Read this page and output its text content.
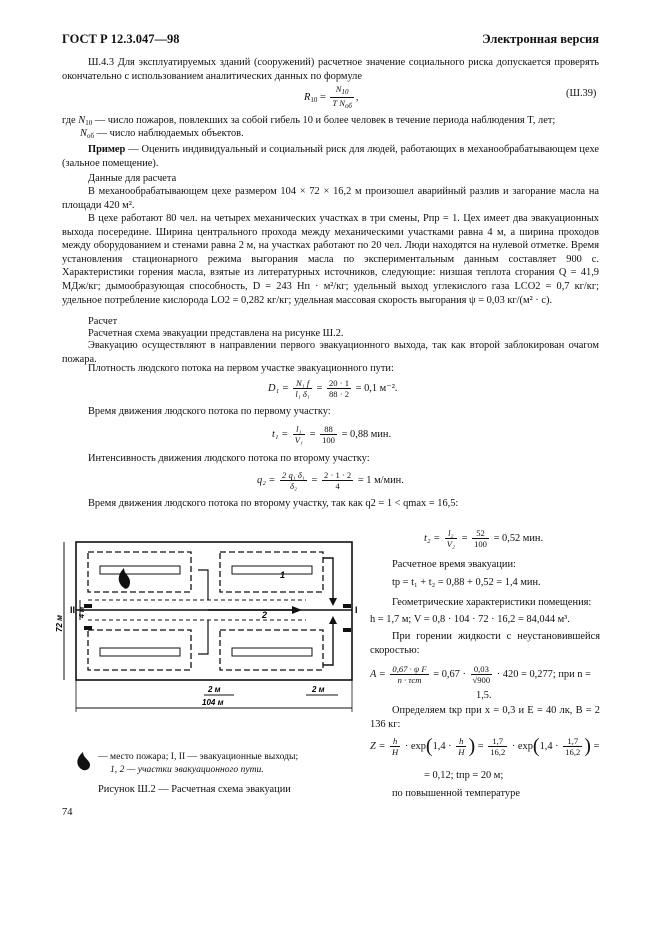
ГОСТ Р 12.3.047—98	Электронная версия
Ш.4.3 Для эксплуатируемых зданий (сооружений) расчетное значение социального риска допускается проверять окончательно с использованием аналитических данных по формуле
$R_{10} = \frac{N_{10}}{T N_{об}}$ ,	(Ш.39)
где $N_{10}$ — число пожаров, повлекших за собой гибель 10 и более человек в течение периода наблюдения T, лет;
$N_{об}$ — число наблюдаемых объектов.
Пример — Оценить индивидуальный и социальный риск для людей, работающих в механообрабатывающем цехе (зальное помещение).
Данные для расчета
В механообрабатывающем цехе размером 104 × 72 × 16,2 м произошел аварийный разлив и загорание масла на площади 420 м².
В цехе работают 80 чел. на четырех механических участках в три смены, Pпр = 1. Цех имеет два эвакуационных выхода посередине. Ширина центрального прохода между механическими участками равна 4 м, а ширина проходов между оборудованием и стенами равна 2 м, на участках работают по 20 чел. Люди находятся на нулевой отметке. Время установления стационарного режима выгорания масла по экспериментальным данным составляет 900 с. Характеристики горения масла, взятые из литературных источников, следующие: низшая теплота сгорания Q = 41,9 МДж/кг; дымообразующая способность, D = 243 Нп · м²/кг; удельный выход углекислого газа LCO2 = 0,7 кг/кг; удельное потребление кислорода LO2 = 0,282 кг/кг; удельная массовая скорость выгорания ψ = 0,03 кг/(м² · с).
Расчет
Расчетная схема эвакуации представлена на рисунке Ш.2.
Эвакуацию осуществляют в направлении первого эвакуационного выхода, так как второй заблокирован очагом пожара.
Плотность людского потока на первом участке эвакуационного пути:
$D_1 = \frac{\text{N₁ f}}{\text{l₁ δ₁}} = \frac{20 \cdot 1}{88 \cdot 2} = 0,1$ м⁻².
Время движения людского потока по первому участку:
$t_1 = \frac{\text{l₁}}{\text{V₁}} = \frac{88}{100} = 0,88$ мин.
Интенсивность движения людского потока по второму участку:
$q_2 = \frac{\text{2 q₁ δ₁}}{\text{δ₂}} = \frac{2 \cdot 1 \cdot 2}{4} = 1$ м/мин.
Время движения людского потока по второму участку, так как q2 = 1 < qmax = 16,5:
II	I
1
2
72 м
4 м
2 м	2 м
104 м
— место пожара; I, II — эвакуационные выходы;
1, 2 — участки эвакуационного пути.
Рисунок Ш.2 — Расчетная схема эвакуации
$t_2 = \frac{\text{l₂}}{\text{V₂}} = \frac{52}{100} = 0,52$ мин.
Расчетное время эвакуации:
tр = t₁ + t₂ = 0,88 + 0,52 = 1,4 мин.
Геометрические характеристики помещения:
h = 1,7 м; V = 0,8 · 104 · 72 · 16,2 = 84,044 м³.
При горении жидкости с неустановившейся скоростью:
$A = \frac{\text{0,67 · ψ F}}{\text{n · τст}} = 0,67 \cdot \frac{0,03}{√900} \cdot 420 = 0,277$; при n =
1,5.
Определяем tкр при x = 0,3 и E = 40 лк, B = 2 136 кг:
$Z = \frac{h}{H} \cdot \exp(1,4 \cdot \frac{h}{H}$ ) = $\frac{1,7}{16,2} \cdot \exp(1,4 \cdot \frac{1,7}{16,2}$ ) =
= 0,12; tпр = 20 м;
по повышенной температуре
74
